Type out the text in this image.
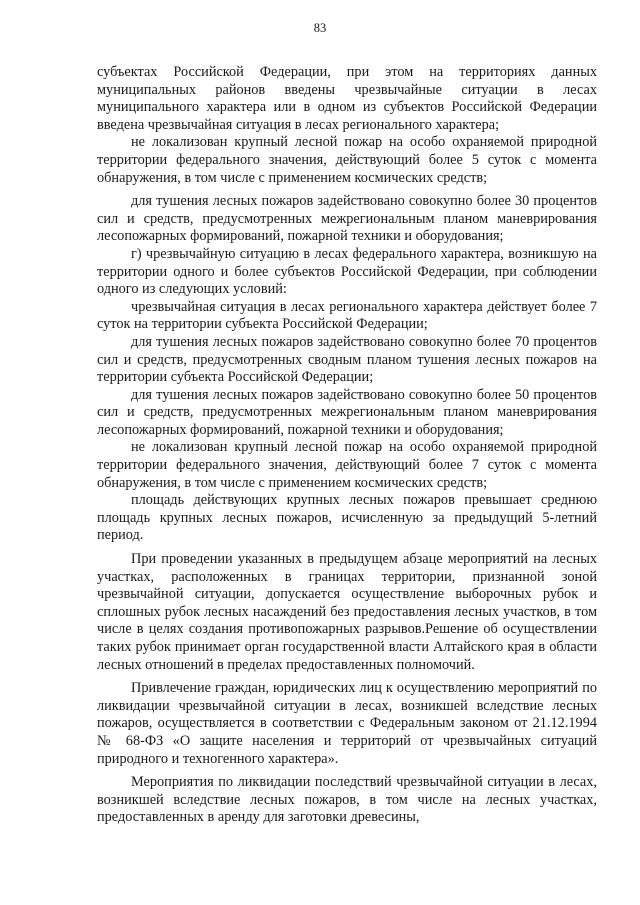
83

субъектах Российской Федерации, при этом на территориях данных муниципальных районов введены чрезвычайные ситуации в лесах муниципального характера или в одном из субъектов Российской Федерации введена чрезвычайная ситуация в лесах регионального характера;

не локализован крупный лесной пожар на особо охраняемой природной территории федерального значения, действующий более 5 суток с момента обнаружения, в том числе с применением космических средств;

для тушения лесных пожаров задействовано совокупно более 30 процентов сил и средств, предусмотренных межрегиональным планом маневрирования лесопожарных формирований, пожарной техники и оборудования;

г) чрезвычайную ситуацию в лесах федерального характера, возникшую на территории одного и более субъектов Российской Федерации, при соблюдении одного из следующих условий:

чрезвычайная ситуация в лесах регионального характера действует более 7 суток на территории субъекта Российской Федерации;

для тушения лесных пожаров задействовано совокупно более 70 процентов сил и средств, предусмотренных сводным планом тушения лесных пожаров на территории субъекта Российской Федерации;

для тушения лесных пожаров задействовано совокупно более 50 процентов сил и средств, предусмотренных межрегиональным планом маневрирования лесопожарных формирований, пожарной техники и оборудования;

не локализован крупный лесной пожар на особо охраняемой природной территории федерального значения, действующий более 7 суток с момента обнаружения, в том числе с применением космических средств;

площадь действующих крупных лесных пожаров превышает среднюю площадь крупных лесных пожаров, исчисленную за предыдущий 5-летний период.

При проведении указанных в предыдущем абзаце мероприятий на лесных участках, расположенных в границах территории, признанной зоной чрезвычайной ситуации, допускается осуществление выборочных рубок и сплошных рубок лесных насаждений без предоставления лесных участков, в том числе в целях создания противопожарных разрывов.Решение об осуществлении таких рубок принимает орган государственной власти Алтайского края в области лесных отношений в пределах предоставленных полномочий.

Привлечение граждан, юридических лиц к осуществлению мероприятий по ликвидации чрезвычайной ситуации в лесах, возникшей вследствие лесных пожаров, осуществляется в соответствии с Федеральным законом от 21.12.1994 № 68-ФЗ «О защите населения и территорий от чрезвычайных ситуаций природного и техногенного характера».

Мероприятия по ликвидации последствий чрезвычайной ситуации в лесах, возникшей вследствие лесных пожаров, в том числе на лесных участках, предоставленных в аренду для заготовки древесины,
